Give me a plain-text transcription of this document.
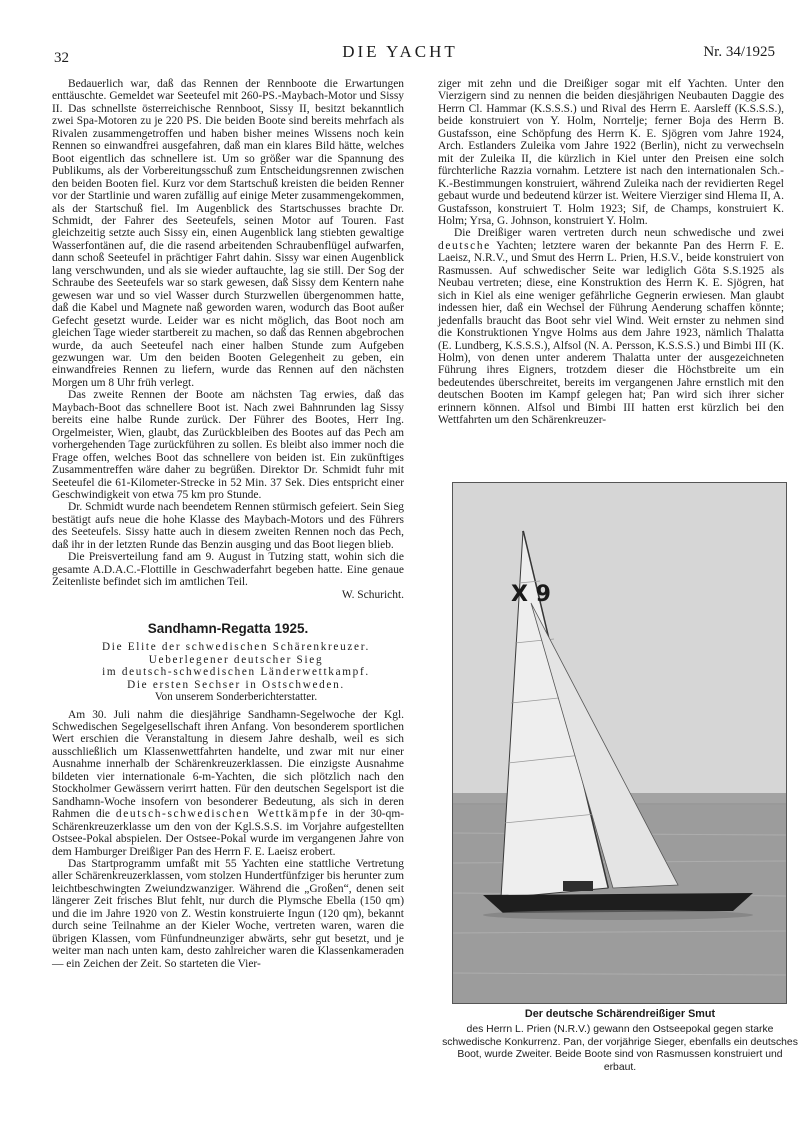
32	DIE YACHT	Nr. 34/1925

Bedauerlich war, daß das Rennen der Rennboote die Erwartungen enttäuschte. Gemeldet war Seeteufel mit 260-PS.-Maybach-Motor und Sissy II. Das schnellste österreichische Rennboot, Sissy II, besitzt bekanntlich zwei Spa-Motoren zu je 220 PS. Die beiden Boote sind bereits mehrfach als Rivalen zusammengetroffen und haben bisher meines Wissens noch kein Rennen so einwandfrei ausgefahren, daß man ein klares Bild hätte, welches Boot eigentlich das schnellere ist. Um so größer war die Spannung des Publikums, als der Vorbereitungsschuß zum Entscheidungsrennen zwischen den beiden Booten fiel. Kurz vor dem Startschuß kreisten die beiden Renner vor der Startlinie und waren zufällig auf einige Meter zusammengekommen, als der Startschuß fiel. Im Augenblick des Startschusses brachte Dr. Schmidt, der Fahrer des Seeteufels, seinen Motor auf Touren. Fast gleichzeitig setzte auch Sissy ein, einen Augenblick lang stiebten gewaltige Wasserfontänen auf, die die rasend arbeitenden Schraubenflügel aufwarfen, dann schoß Seeteufel in prächtiger Fahrt dahin. Sissy war einen Augenblick lang verschwunden, und als sie wieder auftauchte, lag sie still. Der Sog der Schraube des Seeteufels war so stark gewesen, daß Sissy dem Kentern nahe gewesen war und so viel Wasser durch Sturzwellen übergenommen hatte, daß die Kabel und Magnete naß geworden waren, wodurch das Boot außer Gefecht gesetzt wurde. Leider war es nicht möglich, das Boot noch am gleichen Tage wieder startbereit zu machen, so daß das Rennen abgebrochen wurde, da auch Seeteufel nach einer halben Stunde zum Aufgeben gezwungen war. Um den beiden Booten Gelegenheit zu geben, ein einwandfreies Rennen zu liefern, wurde das Rennen auf den nächsten Morgen um 8 Uhr früh verlegt.

Das zweite Rennen der Boote am nächsten Tag erwies, daß das Maybach-Boot das schnellere Boot ist. Nach zwei Bahnrunden lag Sissy bereits eine halbe Runde zurück. Der Führer des Bootes, Herr Ing. Orgelmeister, Wien, glaubt, das Zurückbleiben des Bootes auf das Pech am vorhergehenden Tage zurückführen zu sollen. Es bleibt also immer noch die Frage offen, welches Boot das schnellere von beiden ist. Ein zukünftiges Zusammentreffen wäre daher zu begrüßen. Direktor Dr. Schmidt fuhr mit Seeteufel die 61-Kilometer-Strecke in 52 Min. 37 Sek. Dies entspricht einer Geschwindigkeit von etwa 75 km pro Stunde.

Dr. Schmidt wurde nach beendetem Rennen stürmisch gefeiert. Sein Sieg bestätigt aufs neue die hohe Klasse des Maybach-Motors und des Führers des Seeteufels. Sissy hatte auch in diesem zweiten Rennen noch das Pech, daß ihr in der letzten Runde das Benzin ausging und das Boot liegen blieb.

Die Preisverteilung fand am 9. August in Tutzing statt, wohin sich die gesamte A.D.A.C.-Flottille in Geschwaderfahrt begeben hatte. Eine genaue Zeitenliste befindet sich im amtlichen Teil.

W. Schuricht.

Sandhamn-Regatta 1925.

Die Elite der schwedischen Schärenkreuzer.

Ueberlegener deutscher Sieg

im deutsch-schwedischen Länderwettkampf.

Die ersten Sechser in Ostschweden.

Von unserem Sonderberichterstatter.

Am 30. Juli nahm die diesjährige Sandhamn-Segelwoche der Kgl. Schwedischen Segelgesellschaft ihren Anfang. Von besonderem sportlichen Wert erschien die Veranstaltung in diesem Jahre deshalb, weil es sich ausschließlich um Klassenwettfahrten handelte, und zwar mit nur einer Ausnahme innerhalb der Schärenkreuzerklassen. Die einzigste Ausnahme bildeten vier internationale 6-m-Yachten, die sich plötzlich nach den Stockholmer Gewässern verirrt hatten. Für den deutschen Segelsport ist die Sandhamn-Woche insofern von besonderer Bedeutung, als sich in deren Rahmen die deutsch-schwedischen Wettkämpfe in der 30-qm-Schärenkreuzerklasse um den von der Kgl.S.S.S. im Vorjahre aufgestellten Ostsee-Pokal abspielen. Der Ostsee-Pokal wurde im vergangenen Jahre von dem Hamburger Dreißiger Pan des Herrn F. E. Laeisz erobert.

Das Startprogramm umfaßt mit 55 Yachten eine stattliche Vertretung aller Schärenkreuzerklassen, vom stolzen Hundertfünfziger bis herunter zum leichtbeschwingten Zweiundzwanziger. Während die „Großen“, denen seit längerer Zeit frisches Blut fehlt, nur durch die Plymsche Ebella (150 qm) und die im Jahre 1920 von Z. Westin konstruierte Ingun (120 qm), bekannt durch seine Teilnahme an der Kieler Woche, vertreten waren, waren die übrigen Klassen, vom Fünfundneunziger abwärts, sehr gut besetzt, und je weiter man nach unten kam, desto zahlreicher waren die Klassenkameraden — ein Zeichen der Zeit. So starteten die Vier-

ziger mit zehn und die Dreißiger sogar mit elf Yachten. Unter den Vierzigern sind zu nennen die beiden diesjährigen Neubauten Daggie des Herrn Cl. Hammar (K.S.S.S.) und Rival des Herrn E. Aarsleff (K.S.S.S.), beide konstruiert von Y. Holm, Norrtelje; ferner Boja des Herrn B. Gustafsson, eine Schöpfung des Herrn K. E. Sjögren vom Jahre 1924, Arch. Estlanders Zuleika vom Jahre 1922 (Berlin), nicht zu verwechseln mit der Zuleika II, die kürzlich in Kiel unter den Preisen eine solch fürchterliche Razzia vornahm. Letztere ist nach den internationalen Sch.-K.-Bestimmungen konstruiert, während Zuleika nach der revidierten Regel gebaut wurde und bedeutend kürzer ist. Weitere Vierziger sind Hlema II, A. Gustafsson, konstruiert T. Holm 1923; Sif, de Champs, konstruiert K. Holm; Yrsa, G. Johnson, konstruiert Y. Holm.

Die Dreißiger waren vertreten durch neun schwedische und zwei deutsche Yachten; letztere waren der bekannte Pan des Herrn F. E. Laeisz, N.R.V., und Smut des Herrn L. Prien, H.S.V., beide konstruiert von Rasmussen. Auf schwedischer Seite war lediglich Göta S.S.1925 als Neubau vertreten; diese, eine Konstruktion des Herrn K. E. Sjögren, hat sich in Kiel als eine weniger gefährliche Gegnerin erwiesen. Man glaubt indessen hier, daß ein Wechsel der Führung Aenderung schaffen könnte; jedenfalls braucht das Boot sehr viel Wind. Weit ernster zu nehmen sind die Konstruktionen Yngve Holms aus dem Jahre 1923, nämlich Thalatta (E. Lundberg, K.S.S.S.), Alfsol (N. A. Persson, K.S.S.S.) und Bimbi III (K. Holm), von denen unter anderem Thalatta unter der ausgezeichneten Führung ihres Eigners, trotzdem dieser die Höchstbreite um ein bedeutendes überschreitet, bereits im vergangenen Jahre ernstlich mit den deutschen Booten im Kampf gelegen hat; Pan wird sich ihrer sicher erinnern können. Alfsol und Bimbi III hatten erst kürzlich bei den Wettfahrten um den Schärenkreuzer-

X 9
Der deutsche Schärendreißiger Smut
des Herrn L. Prien (N.R.V.) gewann den Ostseepokal gegen starke schwedische Konkurrenz. Pan, der vorjährige Sieger, ebenfalls ein deutsches Boot, wurde Zweiter. Beide Boote sind von Rasmussen konstruiert und erbaut.
